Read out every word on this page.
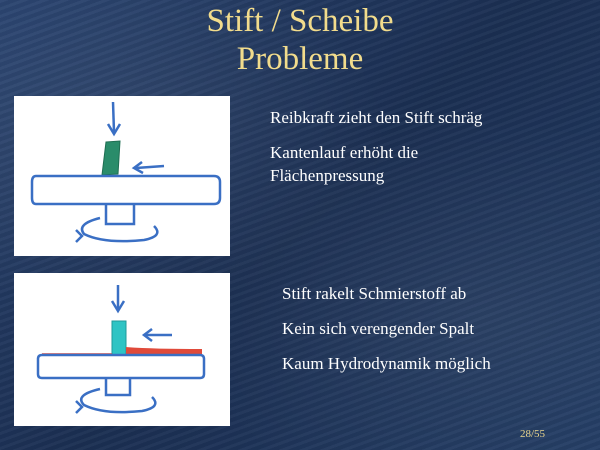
Stift / Scheibe
Probleme

Reibkraft zieht den Stift schräg

Kantenlauf erhöht die Flächenpressung

Stift rakelt Schmierstoff ab

Kein sich verengender Spalt

Kaum Hydrodynamik möglich

28/55
